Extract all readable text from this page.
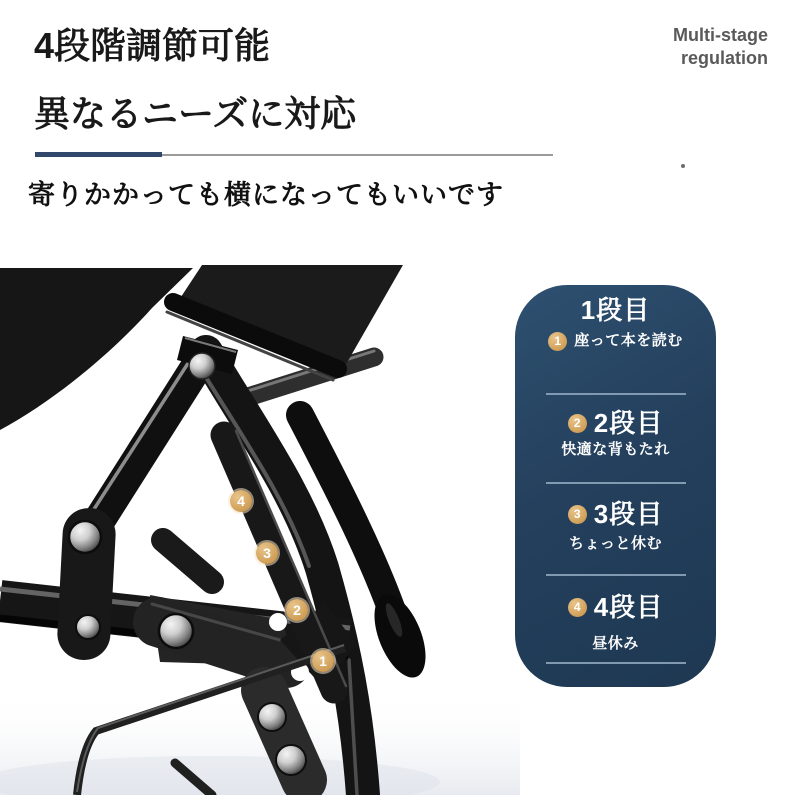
4段階調節可能
異なるニーズに対応
寄りかかっても横になってもいいです
Multi-stage
regulation
4
3
2
1
1段目
1 座って本を読む
2 2段目
快適な背もたれ
3 3段目
ちょっと休む
4 4段目
昼休み
